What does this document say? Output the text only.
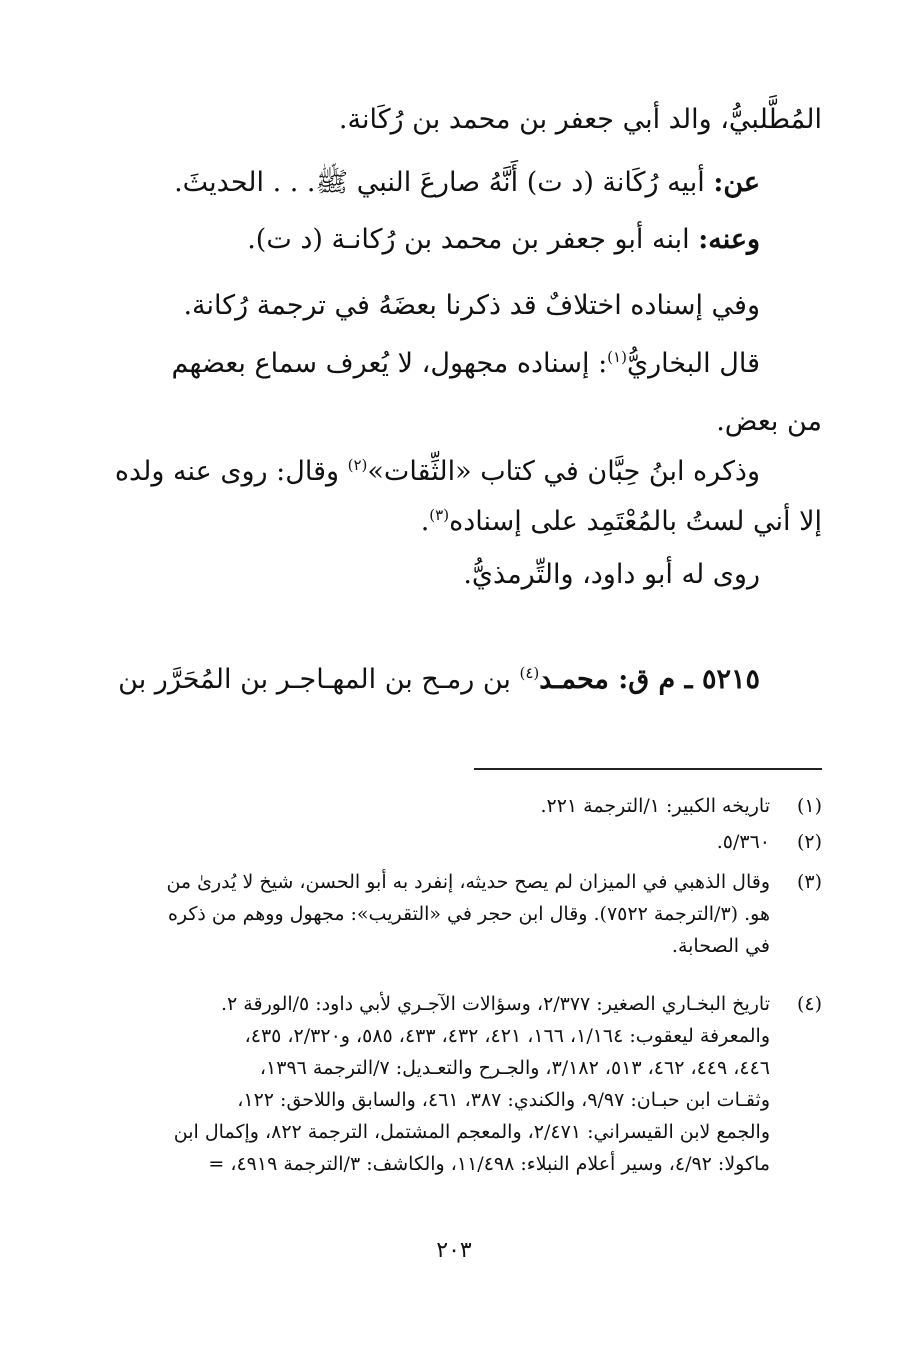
المُطَّلبيُّ، والد أبي جعفر بن محمد بن رُكَانة.
عن: أبيه رُكَانة (د ت) أَنَّهُ صارعَ النبي ﷺ. . . الحديثَ.
وعنه: ابنه أبو جعفر بن محمد بن رُكانـة (د ت).
وفي إسناده اختلافٌ قد ذكرنا بعضَهُ في ترجمة رُكانة.
قال البخاريُّ$^{(١)}$: إسناده مجهول، لا يُعرف سماع بعضهم
من بعض.
وذكره ابنُ حِبَّان في كتاب «الثِّقات»$^{(٢)}$ وقال: روى عنه ولده
إلا أني لستُ بالمُعْتَمِد على إسناده$^{(٣)}$.
روى له أبو داود، والتِّرمذيُّ.
٥٢١٥ ـ م ق: محمـد$^{(٤)}$ بن رمـح بن المهـاجـر بن المُحَرَّر بن
(١)
تاريخه الكبير: ١/الترجمة ٢٢١.
(٢)
٥/٣٦٠.
(٣)
وقال الذهبي في الميزان لم يصح حديثه، إنفرد به أبو الحسن، شيخ لا يُدرىٰ من
هو. (٣/الترجمة ٧٥٢٢). وقال ابن حجر في «التقريب»: مجهول ووهم من ذكره
في الصحابة.
(٤)
تاريخ البخـاري الصغير: ٢/٣٧٧، وسؤالات الآجـري لأبي داود: ٥/الورقة ٢.
والمعرفة ليعقوب: ١/١٦٤، ١٦٦، ٤٢١، ٤٣٢، ٤٣٣، ٥٨٥، و٢/٣٢٠، ٤٣٥،
٤٤٦، ٤٤٩، ٤٦٢، ٥١٣، ٣/١٨٢، والجـرح والتعـديل: ٧/الترجمة ١٣٩٦،
وثقـات ابن حبـان: ٩/٩٧، والكندي: ٣٨٧، ٤٦١، والسابق واللاحق: ١٢٢،
والجمع لابن القيسراني: ٢/٤٧١، والمعجم المشتمل، الترجمة ٨٢٢، وإكمال ابن
ماكولا: ٤/٩٢، وسير أعلام النبلاء: ١١/٤٩٨، والكاشف: ٣/الترجمة ٤٩١٩، =
٢٠٣
